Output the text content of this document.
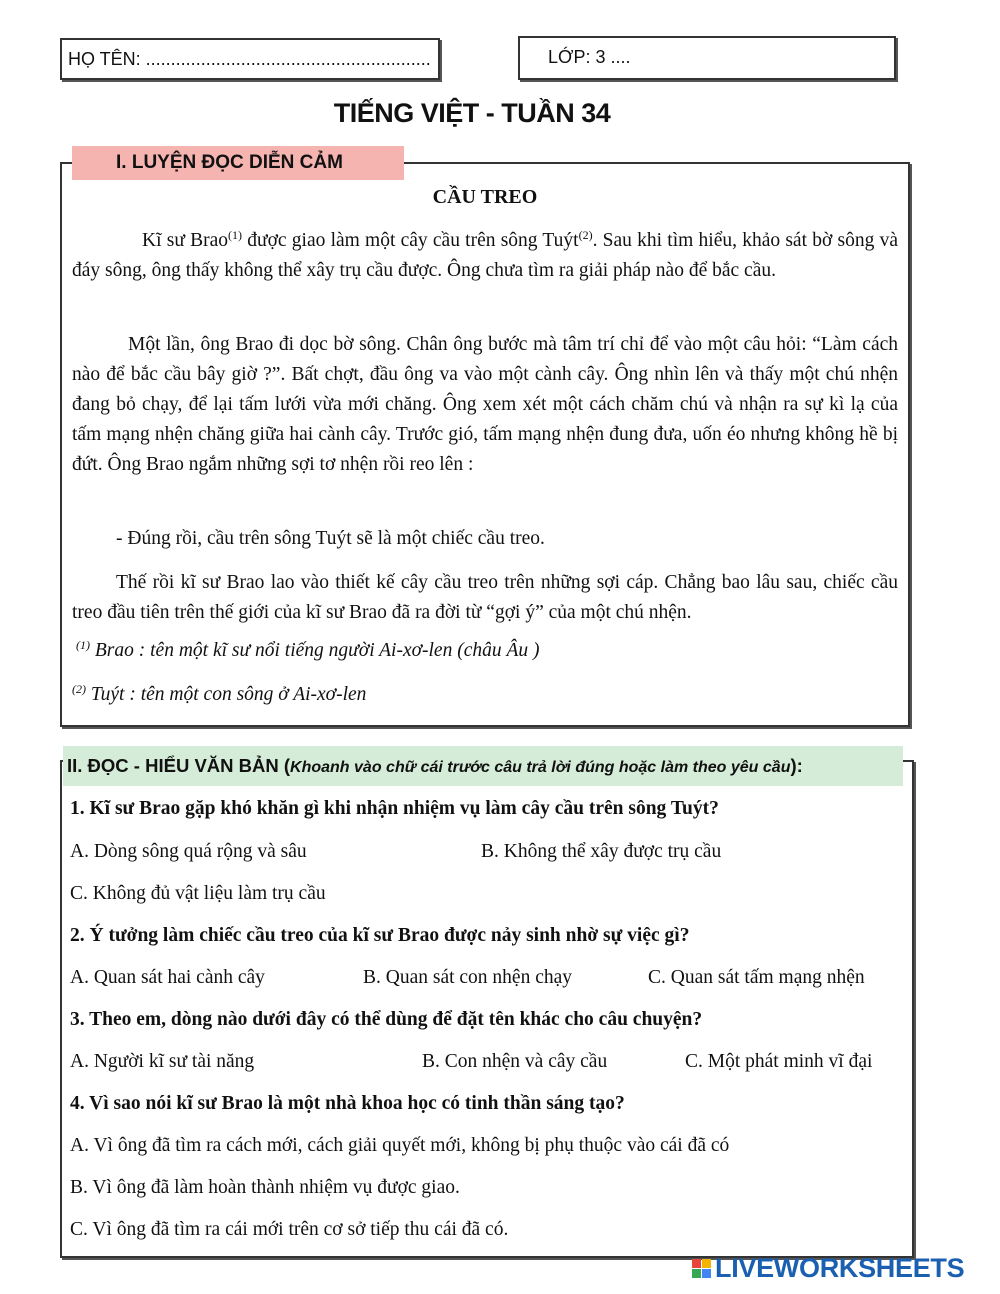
HỌ TÊN: .........................................................	LỚP: 3 ....
TIẾNG VIỆT - TUẦN 34
I. LUYỆN ĐỌC DIỄN CẢM
CẦU TREO

Kĩ sư Brao$^{(1)}$ được giao làm một cây cầu trên sông Tuýt$^{(2)}$. Sau khi tìm hiểu, khảo sát bờ sông và đáy sông, ông thấy không thể xây trụ cầu được. Ông chưa tìm ra giải pháp nào để bắc cầu.

Một lần, ông Brao đi dọc bờ sông. Chân ông bước mà tâm trí chỉ để vào một câu hỏi: “Làm cách nào để bắc cầu bây giờ ?”. Bất chợt, đầu ông va vào một cành cây. Ông nhìn lên và thấy một chú nhện đang bỏ chạy, để lại tấm lưới vừa mới chăng. Ông xem xét một cách chăm chú và nhận ra sự kì lạ của tấm mạng nhện chăng giữa hai cành cây. Trước gió, tấm mạng nhện đung đưa, uốn éo nhưng không hề bị đứt. Ông Brao ngắm những sợi tơ nhện rồi reo lên :

- Đúng rồi, cầu trên sông Tuýt sẽ là một chiếc cầu treo.

Thế rồi kĩ sư Brao lao vào thiết kế cây cầu treo trên những sợi cáp. Chẳng bao lâu sau, chiếc cầu treo đầu tiên trên thế giới của kĩ sư Brao đã ra đời từ “gợi ý” của một chú nhện.

$^{(1)}$ Brao : tên một kĩ sư nổi tiếng người Ai-xơ-len (châu Âu )
$^{(2)}$ Tuýt : tên một con sông ở Ai-xơ-len
II. ĐỌC - HIỂU VĂN BẢN (Khoanh vào chữ cái trước câu trả lời đúng hoặc làm theo yêu cầu):
1. Kĩ sư Brao gặp khó khăn gì khi nhận nhiệm vụ làm cây cầu trên sông Tuýt?
A. Dòng sông quá rộng và sâu	B. Không thể xây được trụ cầu
C. Không đủ vật liệu làm trụ cầu
2. Ý tưởng làm chiếc cầu treo của kĩ sư Brao được nảy sinh nhờ sự việc gì?
A. Quan sát hai cành cây	B. Quan sát con nhện chạy	C. Quan sát tấm mạng nhện
3. Theo em, dòng nào dưới đây có thể dùng để đặt tên khác cho câu chuyện?
A. Người kĩ sư tài năng	B. Con nhện và cây cầu	C. Một phát minh vĩ đại
4. Vì sao nói kĩ sư Brao là một nhà khoa học có tinh thần sáng tạo?
A. Vì ông đã tìm ra cách mới, cách giải quyết mới, không bị phụ thuộc vào cái đã có
B. Vì ông đã làm hoàn thành nhiệm vụ được giao.
C. Vì ông đã tìm ra cái mới trên cơ sở tiếp thu cái đã có.
LIVEWORKSHEETS
